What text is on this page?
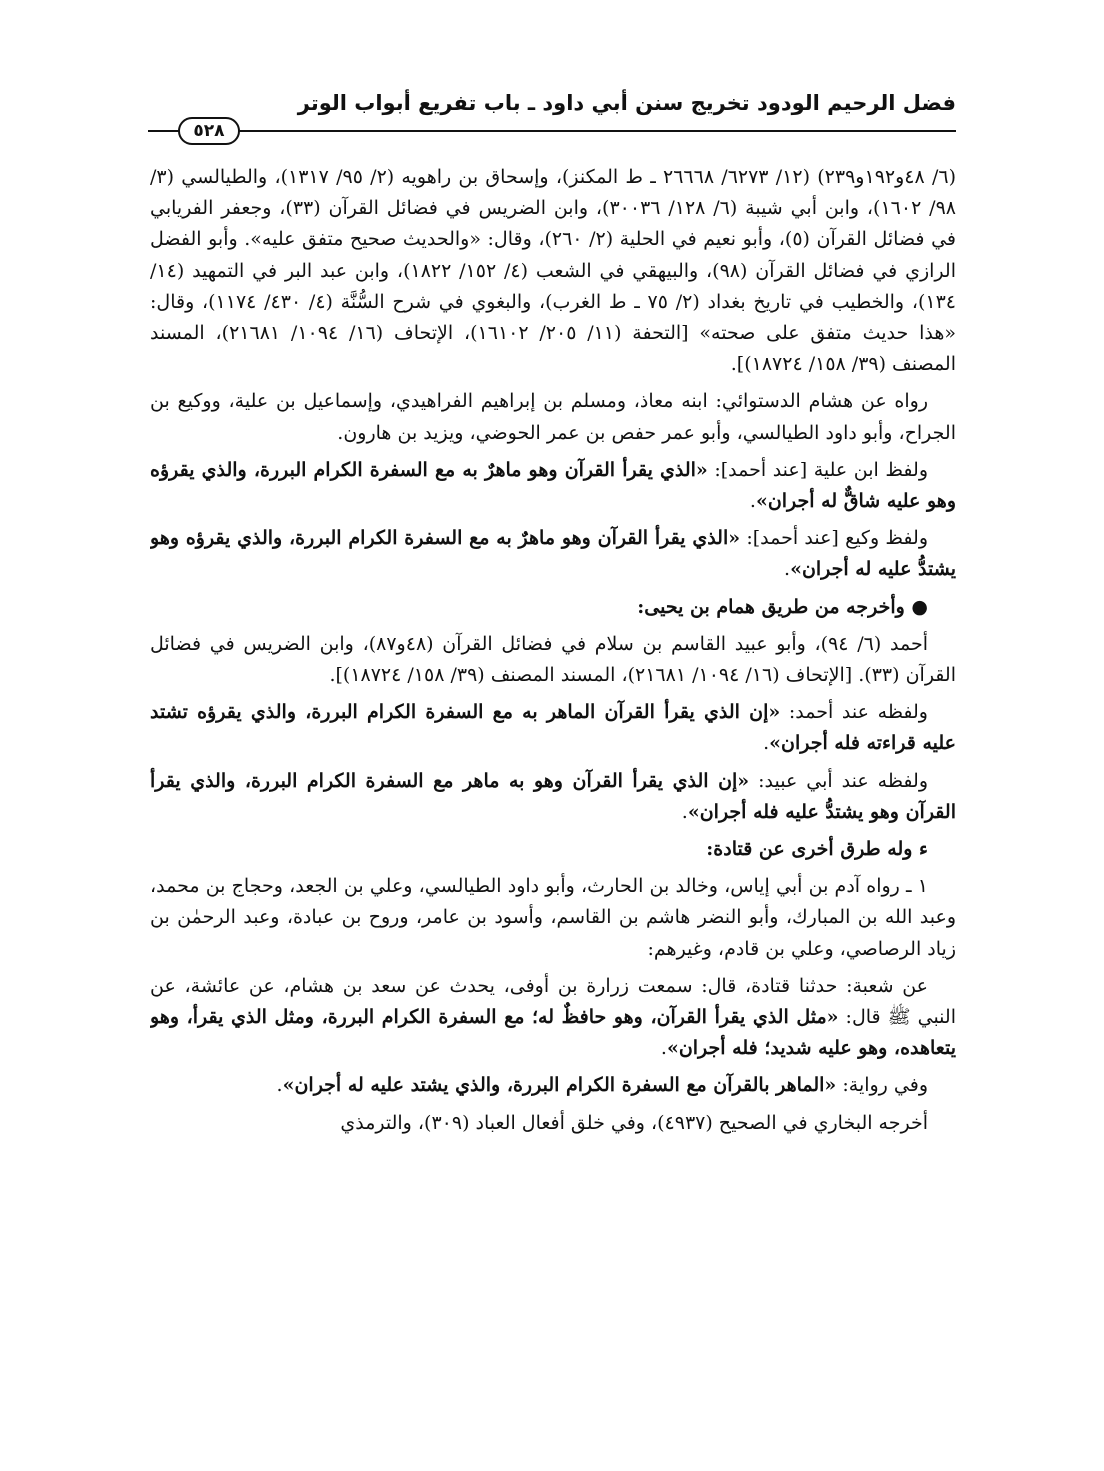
فضل الرحيم الودود تخريج سنن أبي داود ـ باب تفريع أبواب الوتر
٥٢٨

(٦/ ٤٨و١٩٢و٢٣٩) (١٢/ ٦٢٧٣/ ٢٦٦٦٨ ـ ط المكنز)، وإسحاق بن راهويه (٢/ ٩٥/ ١٣١٧)، والطيالسي (٣/ ٩٨/ ١٦٠٢)، وابن أبي شيبة (٦/ ١٢٨/ ٣٠٠٣٦)، وابن الضريس في فضائل القرآن (٣٣)، وجعفر الفريابي في فضائل القرآن (٥)، وأبو نعيم في الحلية (٢/ ٢٦٠)، وقال: «والحديث صحيح متفق عليه». وأبو الفضل الرازي في فضائل القرآن (٩٨)، والبيهقي في الشعب (٤/ ١٥٢/ ١٨٢٢)، وابن عبد البر في التمهيد (١٤/ ١٣٤)، والخطيب في تاريخ بغداد (٢/ ٧٥ ـ ط الغرب)، والبغوي في شرح السُّنَّة (٤/ ٤٣٠/ ١١٧٤)، وقال: «هذا حديث متفق على صحته» [التحفة (١١/ ٢٠٥/ ١٦١٠٢)، الإتحاف (١٦/ ١٠٩٤/ ٢١٦٨١)، المسند المصنف (٣٩/ ١٥٨/ ١٨٧٢٤)].

رواه عن هشام الدستوائي: ابنه معاذ، ومسلم بن إبراهيم الفراهيدي، وإسماعيل بن علية، ووكيع بن الجراح، وأبو داود الطيالسي، وأبو عمر حفص بن عمر الحوضي، ويزيد بن هارون.

ولفظ ابن علية [عند أحمد]: «الذي يقرأ القرآن وهو ماهرٌ به مع السفرة الكرام البررة، والذي يقرؤه وهو عليه شاقٌّ له أجران».

ولفظ وكيع [عند أحمد]: «الذي يقرأ القرآن وهو ماهرٌ به مع السفرة الكرام البررة، والذي يقرؤه وهو يشتدُّ عليه له أجران».

● وأخرجه من طريق همام بن يحيى:

أحمد (٦/ ٩٤)، وأبو عبيد القاسم بن سلام في فضائل القرآن (٤٨و٨٧)، وابن الضريس في فضائل القرآن (٣٣). [الإتحاف (١٦/ ١٠٩٤/ ٢١٦٨١)، المسند المصنف (٣٩/ ١٥٨/ ١٨٧٢٤)].

ولفظه عند أحمد: «إن الذي يقرأ القرآن الماهر به مع السفرة الكرام البررة، والذي يقرؤه تشتد عليه قراءته فله أجران».

ولفظه عند أبي عبيد: «إن الذي يقرأ القرآن وهو به ماهر مع السفرة الكرام البررة، والذي يقرأ القرآن وهو يشتدُّ عليه فله أجران».

ﺀ وله طرق أخرى عن قتادة:

١ ـ رواه آدم بن أبي إياس، وخالد بن الحارث، وأبو داود الطيالسي، وعلي بن الجعد، وحجاج بن محمد، وعبد الله بن المبارك، وأبو النضر هاشم بن القاسم، وأسود بن عامر، وروح بن عبادة، وعبد الرحمٰن بن زياد الرصاصي، وعلي بن قادم، وغيرهم:

عن شعبة: حدثنا قتادة، قال: سمعت زرارة بن أوفى، يحدث عن سعد بن هشام، عن عائشة، عن النبي ﷺ قال: «مثل الذي يقرأ القرآن، وهو حافظٌ له؛ مع السفرة الكرام البررة، ومثل الذي يقرأ، وهو يتعاهده، وهو عليه شديد؛ فله أجران».

وفي رواية: «الماهر بالقرآن مع السفرة الكرام البررة، والذي يشتد عليه له أجران».

أخرجه البخاري في الصحيح (٤٩٣٧)، وفي خلق أفعال العباد (٣٠٩)، والترمذي
